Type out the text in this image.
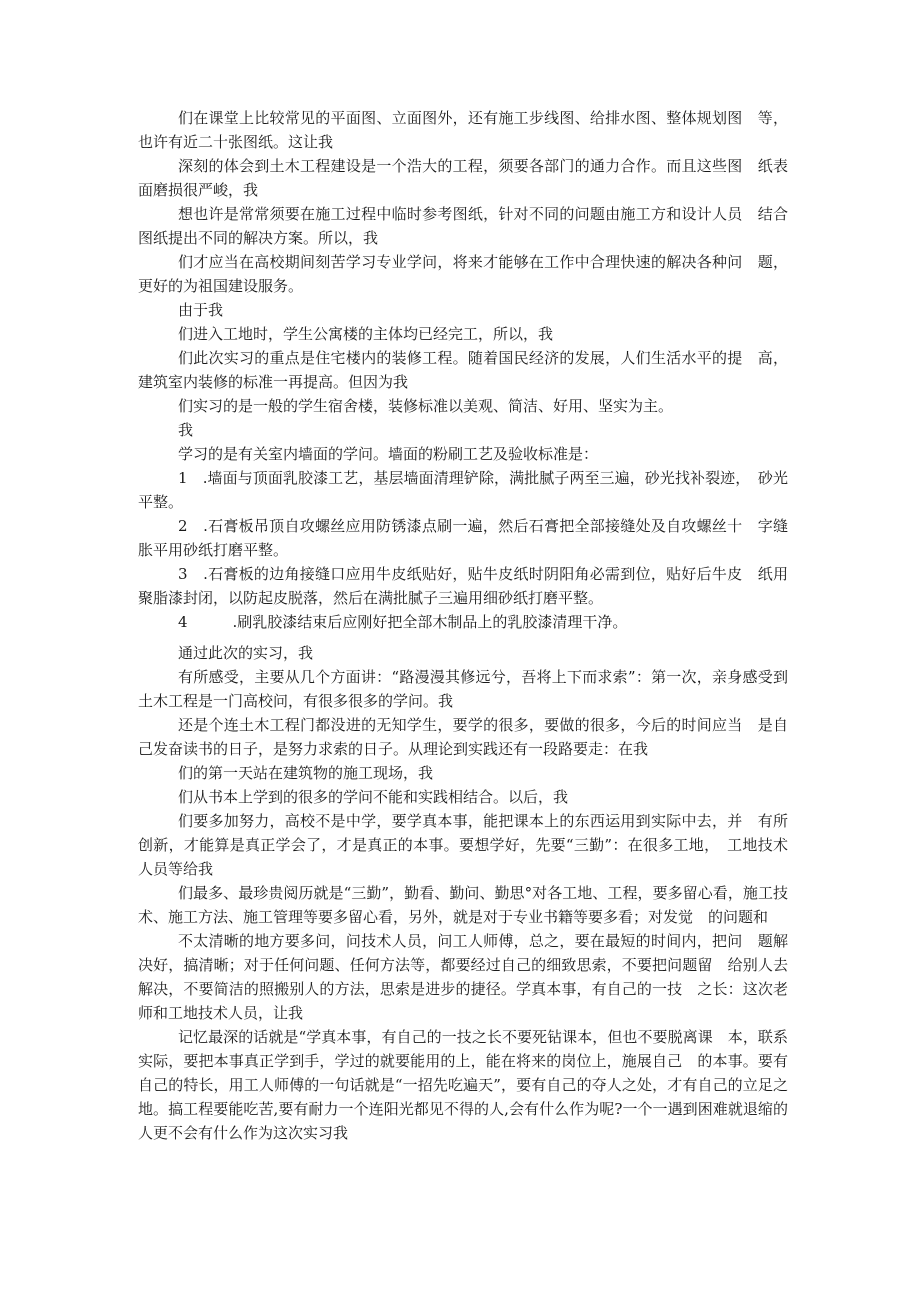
们在课堂上比较常见的平面图、立面图外，还有施工步线图、给排水图、整体规划图　等，也许有近二十张图纸。这让我

深刻的体会到土木工程建设是一个浩大的工程，须要各部门的通力合作。而且这些图　纸表面磨损很严峻，我

想也许是常常须要在施工过程中临时参考图纸，针对不同的问题由施工方和设计人员　结合图纸提出不同的解决方案。所以，我

们才应当在高校期间刻苦学习专业学问，将来才能够在工作中合理快速的解决各种问　题，更好的为祖国建设服务。

由于我

们进入工地时，学生公寓楼的主体均已经完工，所以，我

们此次实习的重点是住宅楼内的装修工程。随着国民经济的发展，人们生活水平的提　高，建筑室内装修的标准一再提高。但因为我

们实习的是一般的学生宿舍楼，装修标准以美观、简洁、好用、坚实为主。

我

学习的是有关室内墙面的学问。墙面的粉刷工艺及验收标准是：

1　.墙面与顶面乳胶漆工艺，基层墙面清理铲除，满批腻子两至三遍，砂光找补裂迹，　砂光平整。

2　.石膏板吊顶自攻螺丝应用防锈漆点刷一遍，然后石膏把全部接缝处及自攻螺丝十　字缝胀平用砂纸打磨平整。

3　.石膏板的边角接缝口应用牛皮纸贴好，贴牛皮纸时阴阳角必需到位，贴好后牛皮　纸用聚脂漆封闭，以防起皮脱落，然后在满批腻子三遍用细砂纸打磨平整。

4　　　.刷乳胶漆结束后应刚好把全部木制品上的乳胶漆清理干净。

通过此次的实习，我

有所感受，主要从几个方面讲：“路漫漫其修远兮，吾将上下而求索”：第一次，亲身感受到土木工程是一门高校问，有很多很多的学问。我

还是个连土木工程门都没进的无知学生，要学的很多，要做的很多，今后的时间应当　是自己发奋读书的日子，是努力求索的日子。从理论到实践还有一段路要走：在我

们的第一天站在建筑物的施工现场，我

们从书本上学到的很多的学问不能和实践相结合。以后，我

们要多加努力，高校不是中学，要学真本事，能把课本上的东西运用到实际中去，并　有所创新，才能算是真正学会了，才是真正的本事。要想学好，先要“三勤”：在很多工地，　工地技术人员等给我

们最多、最珍贵阅历就是“三勤”，勤看、勤问、勤思°对各工地、工程，要多留心看，施工技术、施工方法、施工管理等要多留心看，另外，就是对于专业书籍等要多看；对发觉　的问题和

不太清晰的地方要多问，问技术人员，问工人师傅，总之，要在最短的时间内，把问　题解决好，搞清晰；对于任何问题、任何方法等，都要经过自己的细致思索，不要把问题留　给别人去解决，不要简洁的照搬别人的方法，思索是进步的捷径。学真本事，有自己的一技　之长：这次老师和工地技术人员，让我

记忆最深的话就是“学真本事，有自己的一技之长不要死钻课本，但也不要脱离课　本，联系实际，要把本事真正学到手，学过的就要能用的上，能在将来的岗位上，施展自己　的本事。要有自己的特长，用工人师傅的一句话就是“一招先吃遍天”，要有自己的夺人之处，才有自己的立足之地。搞工程要能吃苦,要有耐力一个连阳光都见不得的人,会有什么作为呢?一个一遇到困难就退缩的人更不会有什么作为这次实习我
